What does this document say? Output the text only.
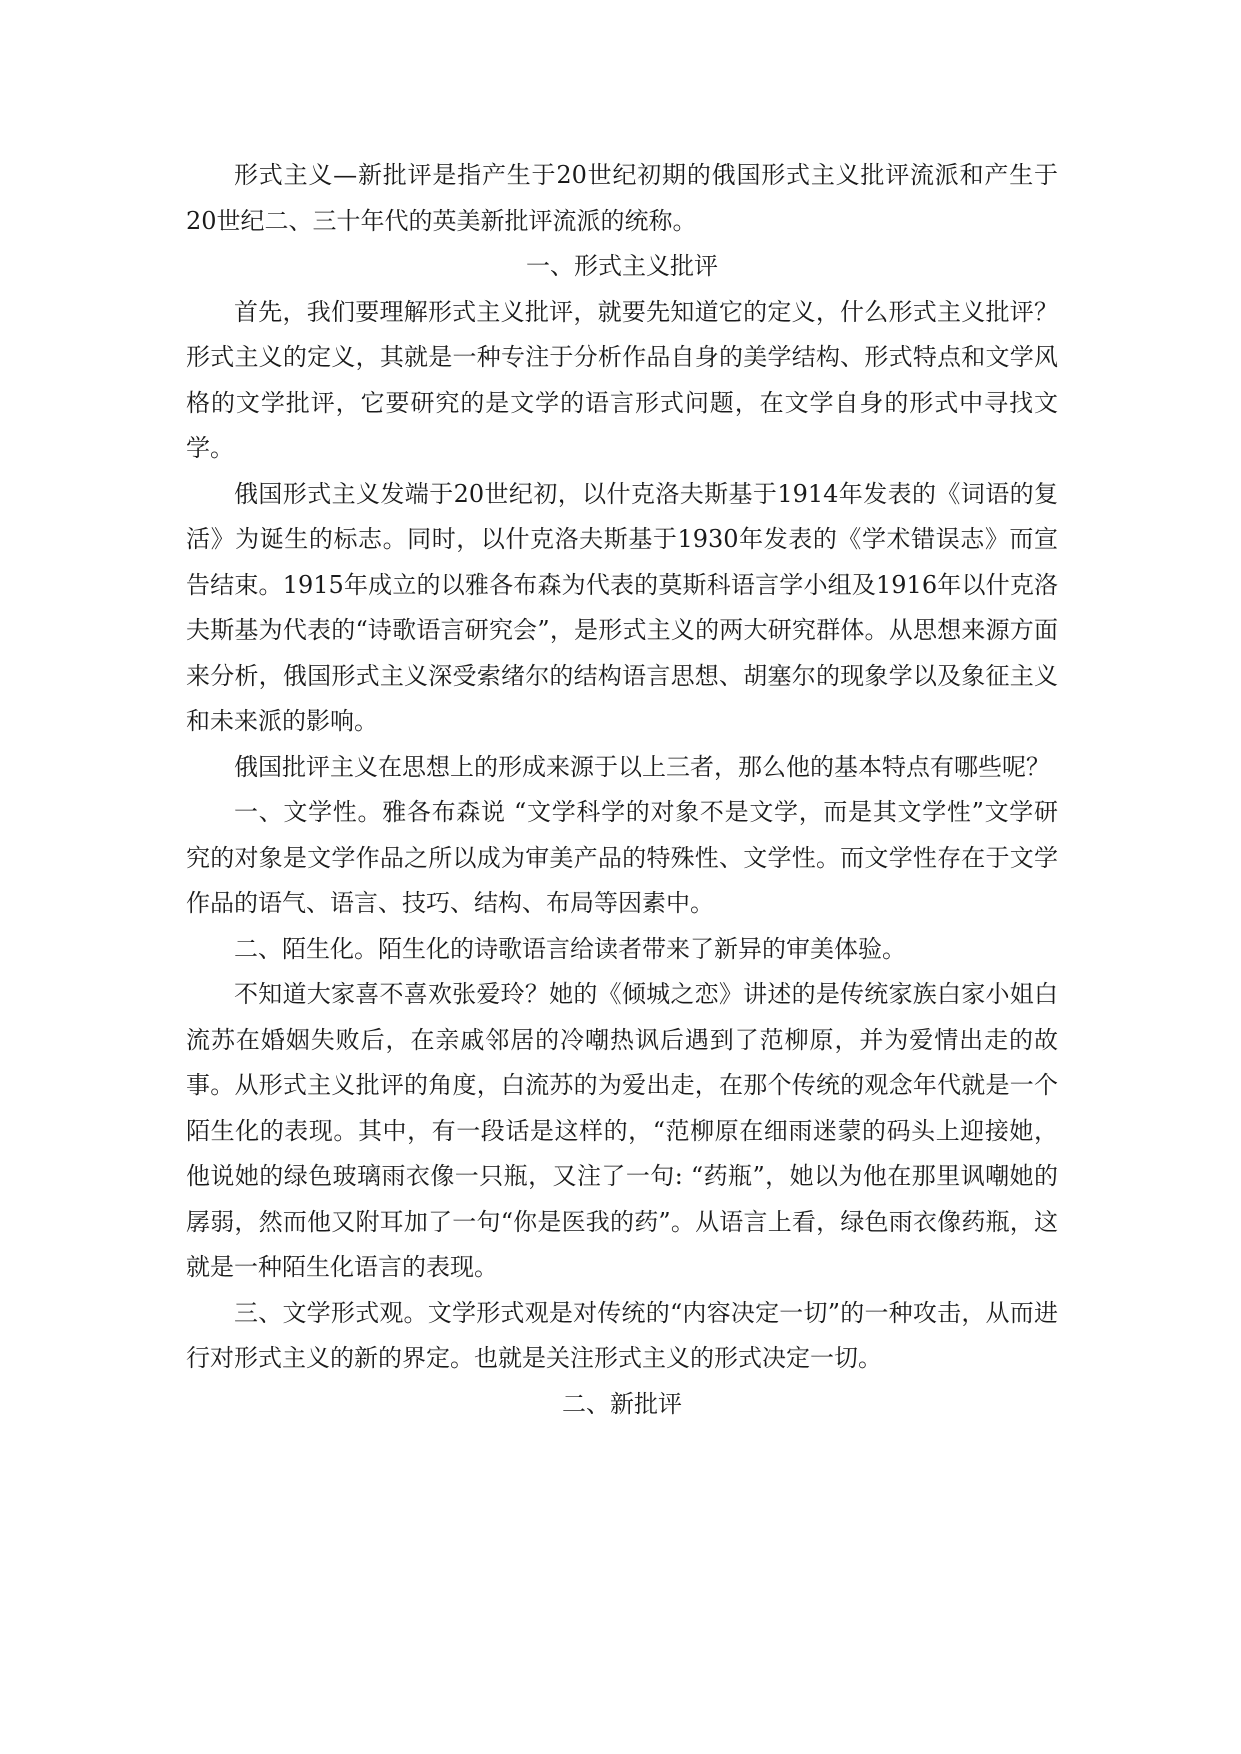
形式主义—新批评是指产生于20世纪初期的俄国形式主义批评流派和产生于20世纪二、三十年代的英美新批评流派的统称。

一、形式主义批评

首先，我们要理解形式主义批评，就要先知道它的定义，什么形式主义批评？形式主义的定义，其就是一种专注于分析作品自身的美学结构、形式特点和文学风格的文学批评，它要研究的是文学的语言形式问题，在文学自身的形式中寻找文学。

俄国形式主义发端于20世纪初，以什克洛夫斯基于1914年发表的《词语的复活》为诞生的标志。同时，以什克洛夫斯基于1930年发表的《学术错误志》而宣告结束。1915年成立的以雅各布森为代表的莫斯科语言学小组及1916年以什克洛夫斯基为代表的“诗歌语言研究会”，是形式主义的两大研究群体。从思想来源方面来分析，俄国形式主义深受索绪尔的结构语言思想、胡塞尔的现象学以及象征主义和未来派的影响。

俄国批评主义在思想上的形成来源于以上三者，那么他的基本特点有哪些呢？

一、文学性。雅各布森说 “文学科学的对象不是文学，而是其文学性”文学研究的对象是文学作品之所以成为审美产品的特殊性、文学性。而文学性存在于文学作品的语气、语言、技巧、结构、布局等因素中。

二、陌生化。陌生化的诗歌语言给读者带来了新异的审美体验。

不知道大家喜不喜欢张爱玲？她的《倾城之恋》讲述的是传统家族白家小姐白流苏在婚姻失败后，在亲戚邻居的冷嘲热讽后遇到了范柳原，并为爱情出走的故事。从形式主义批评的角度，白流苏的为爱出走，在那个传统的观念年代就是一个陌生化的表现。其中，有一段话是这样的，“范柳原在细雨迷蒙的码头上迎接她，他说她的绿色玻璃雨衣像一只瓶，又注了一句: “药瓶”，她以为他在那里讽嘲她的孱弱，然而他又附耳加了一句“你是医我的药”。从语言上看，绿色雨衣像药瓶，这就是一种陌生化语言的表现。

三、文学形式观。文学形式观是对传统的“内容决定一切”的一种攻击，从而进行对形式主义的新的界定。也就是关注形式主义的形式决定一切。

二、新批评
